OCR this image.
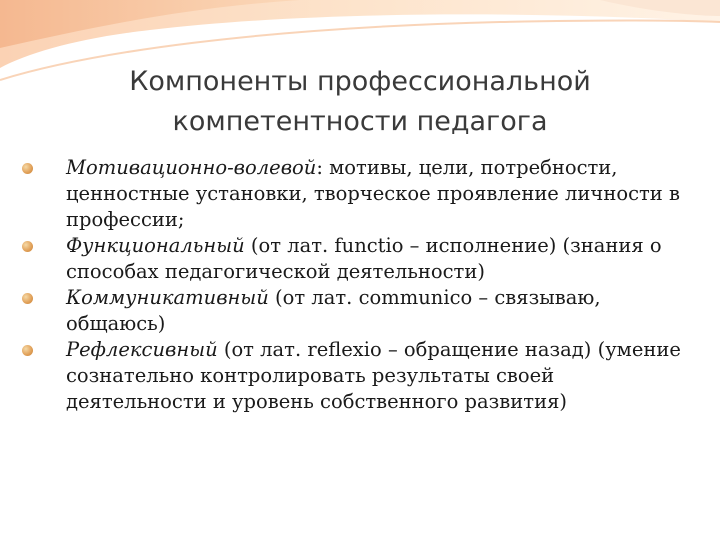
Компоненты профессиональной
компетентности педагога
Мотивационно-волевой: мотивы, цели, потребности, ценностные установки, творческое проявление личности в профессии;
Функциональный (от лат. functio – исполнение) (знания о способах педагогической деятельности)
Коммуникативный (от лат. communico – связываю, общаюсь)
Рефлексивный (от лат. reflexio – обращение назад) (умение сознательно контролировать результаты своей деятельности и уровень собственного развития)
